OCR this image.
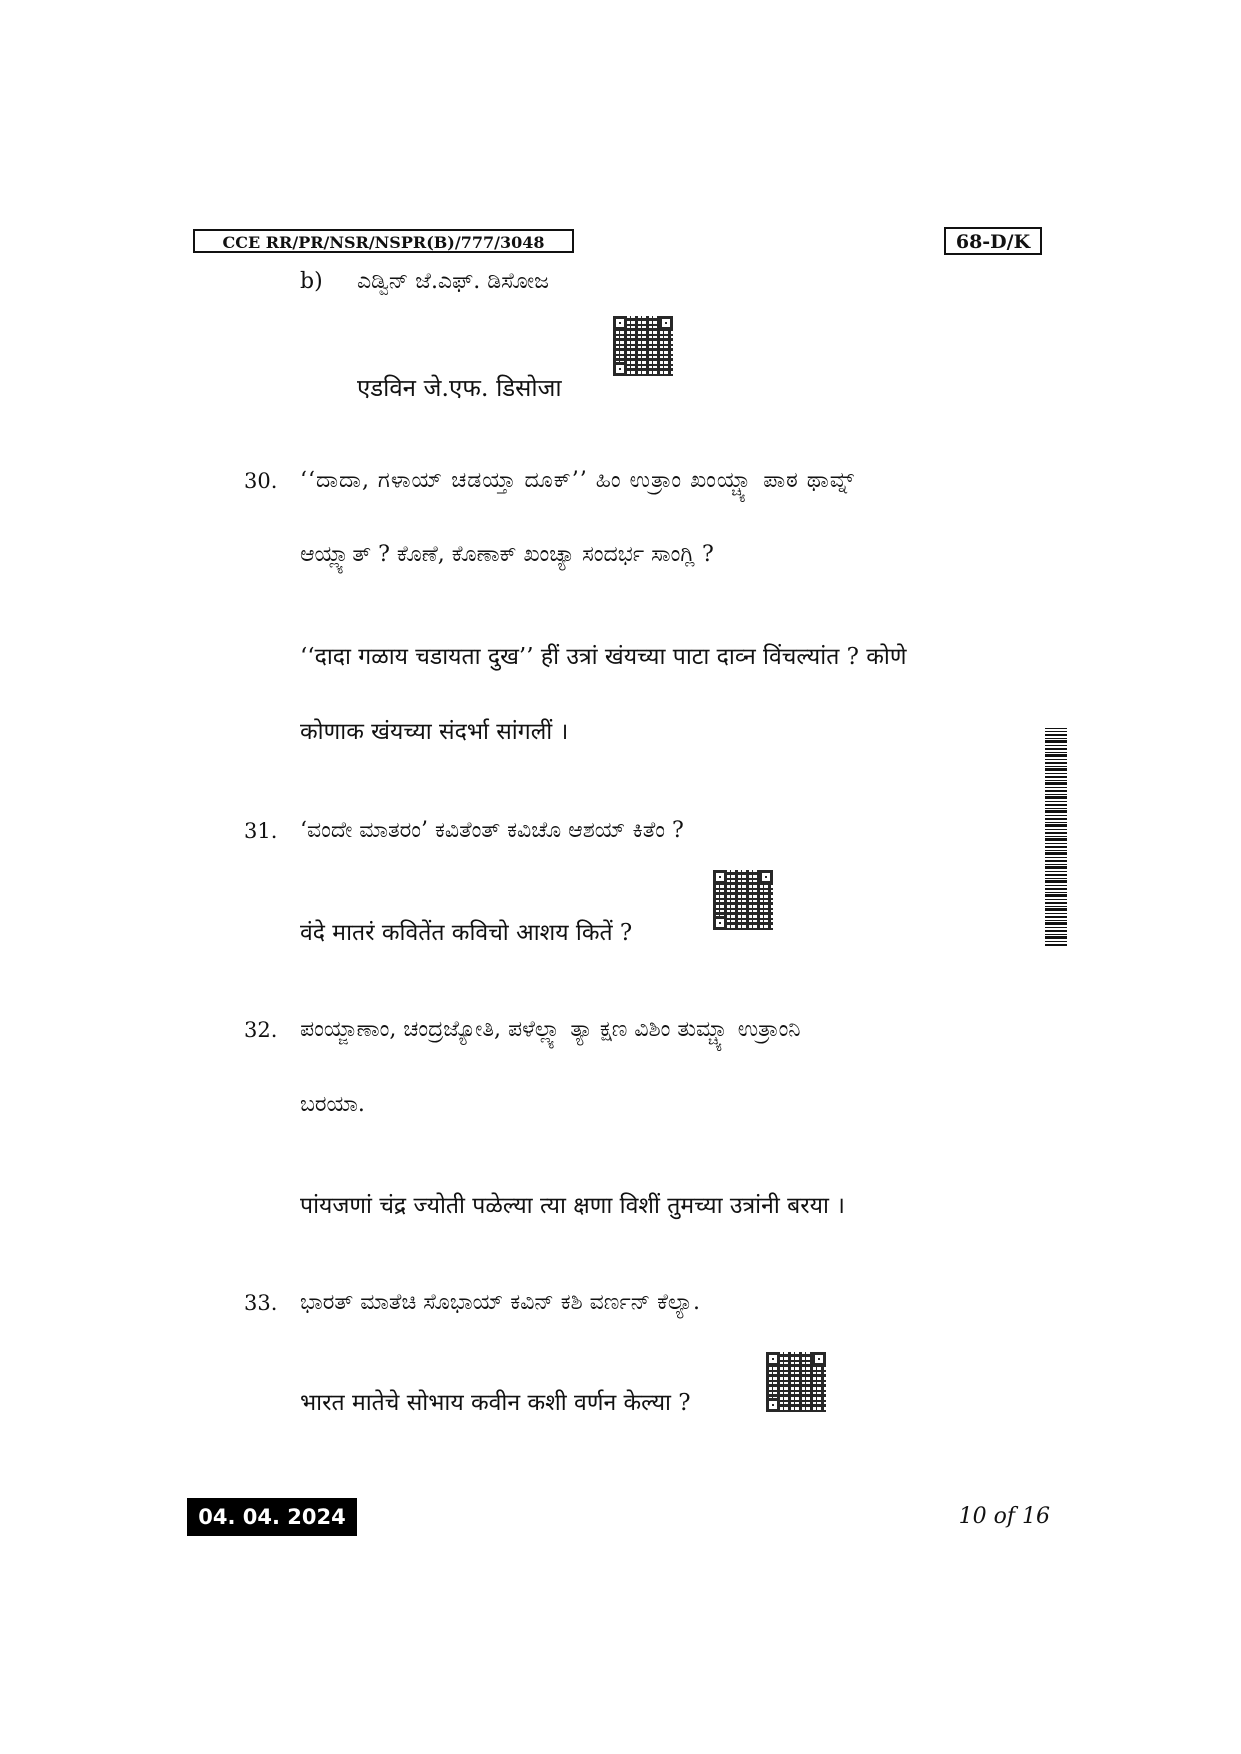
CCE RR/PR/NSR/NSPR(B)/777/3048	68-D/K
b) ಎಡ್ವಿನ್ ಜೆ.ಎಫ್. ಡಿಸೋಜ
एडविन जे.एफ. डिसोजा
30. ‘‘ದಾದಾ, ಗಳಾಯ್ ಚಡಯ್ತಾ ದೂಕ್’’ ಹಿಂ ಉತ್ರಾಂ ಖಂಯ್ಚ್ಯಾ ಪಾಠ ಥಾವ್ನ್
ಆಯ್ಲ್ಯಾತ್ ? ಕೊಣೆ, ಕೊಣಾಕ್ ಖಂಚ್ಯಾ ಸಂದರ್ಭ ಸಾಂಗ್ಲಿ ?
‘‘दादा गळाय चडायता दुख’’ हीं उत्रां खंयच्या पाटा दाव्न विंचल्यांत ? कोणे
कोणाक खंयच्या संदर्भा सांगलीं ।
31. ‘ವಂದೇ ಮಾತರಂ’ ಕವಿತೆಂತ್ ಕವಿಚೊ ಆಶಯ್ ಕಿತೆಂ ?
वंदे मातरं कवितेंत कविचो आशय कितें ?
32. ಪಂಯ್ಜಾಣಾಂ, ಚಂದ್ರಜ್ಯೋತಿ, ಪಳೆಲ್ಲ್ಯಾ ತ್ಯಾ ಕ್ಷಣ ವಿಶಿಂ ತುಮ್ಚ್ಯಾ ಉತ್ರಾಂನಿ
ಬರಯಾ.
पांयजणां चंद्र ज्योती पळेल्या त्या क्षणा विशीं तुमच्या उत्रांनी बरया ।
33. ಭಾರತ್ ಮಾತೆಚಿ ಸೊಭಾಯ್ ಕವಿನ್ ಕಶಿ ವರ್ಣನ್ ಕೆಲ್ಯಾ.
भारत मातेचे सोभाय कवीन कशी वर्णन केल्या ?
04. 04. 2024	10 of 16
